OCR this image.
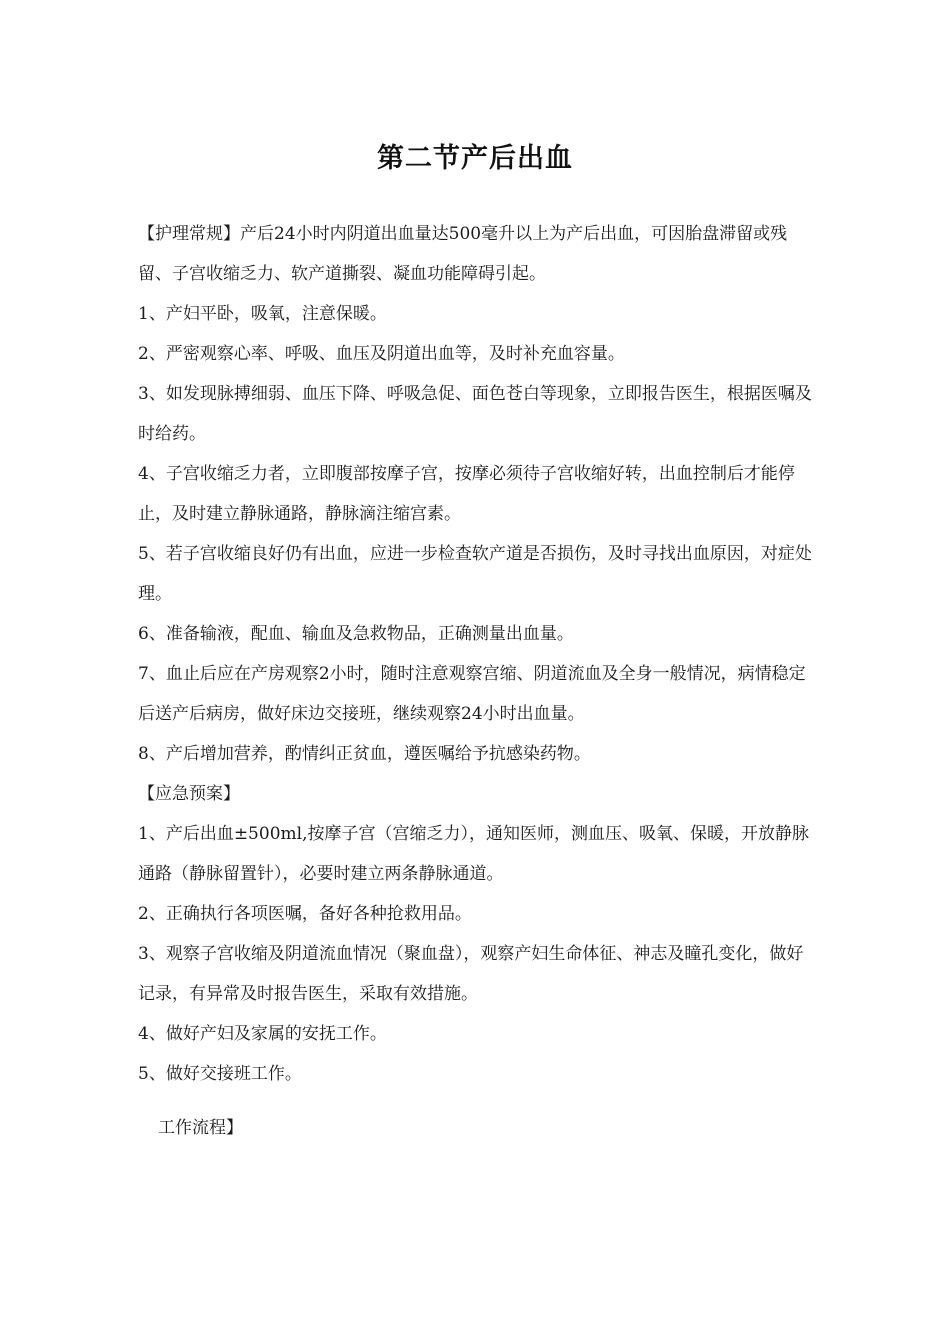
第二节产后出血

【护理常规】产后24小时内阴道出血量达500毫升以上为产后出血，可因胎盘滞留或残留、子宫收缩乏力、软产道撕裂、凝血功能障碍引起。

1、产妇平卧，吸氧，注意保暖。

2、严密观察心率、呼吸、血压及阴道出血等，及时补充血容量。

3、如发现脉搏细弱、血压下降、呼吸急促、面色苍白等现象，立即报告医生，根据医嘱及时给药。

4、子宫收缩乏力者，立即腹部按摩子宫，按摩必须待子宫收缩好转，出血控制后才能停止，及时建立静脉通路，静脉滴注缩宫素。

5、若子宫收缩良好仍有出血，应进一步检查软产道是否损伤，及时寻找出血原因，对症处理。

6、准备输液，配血、输血及急救物品，正确测量出血量。

7、血止后应在产房观察2小时，随时注意观察宫缩、阴道流血及全身一般情况，病情稳定后送产后病房，做好床边交接班，继续观察24小时出血量。

8、产后增加营养，酌情纠正贫血，遵医嘱给予抗感染药物。

【应急预案】

1、产后出血±500ml,按摩子宫（宫缩乏力），通知医师，测血压、吸氧、保暖，开放静脉通路（静脉留置针），必要时建立两条静脉通道。

2、正确执行各项医嘱，备好各种抢救用品。

3、观察子宫收缩及阴道流血情况（聚血盘），观察产妇生命体征、神志及瞳孔变化，做好记录，有异常及时报告医生，采取有效措施。

4、做好产妇及家属的安抚工作。

5、做好交接班工作。

工作流程】
